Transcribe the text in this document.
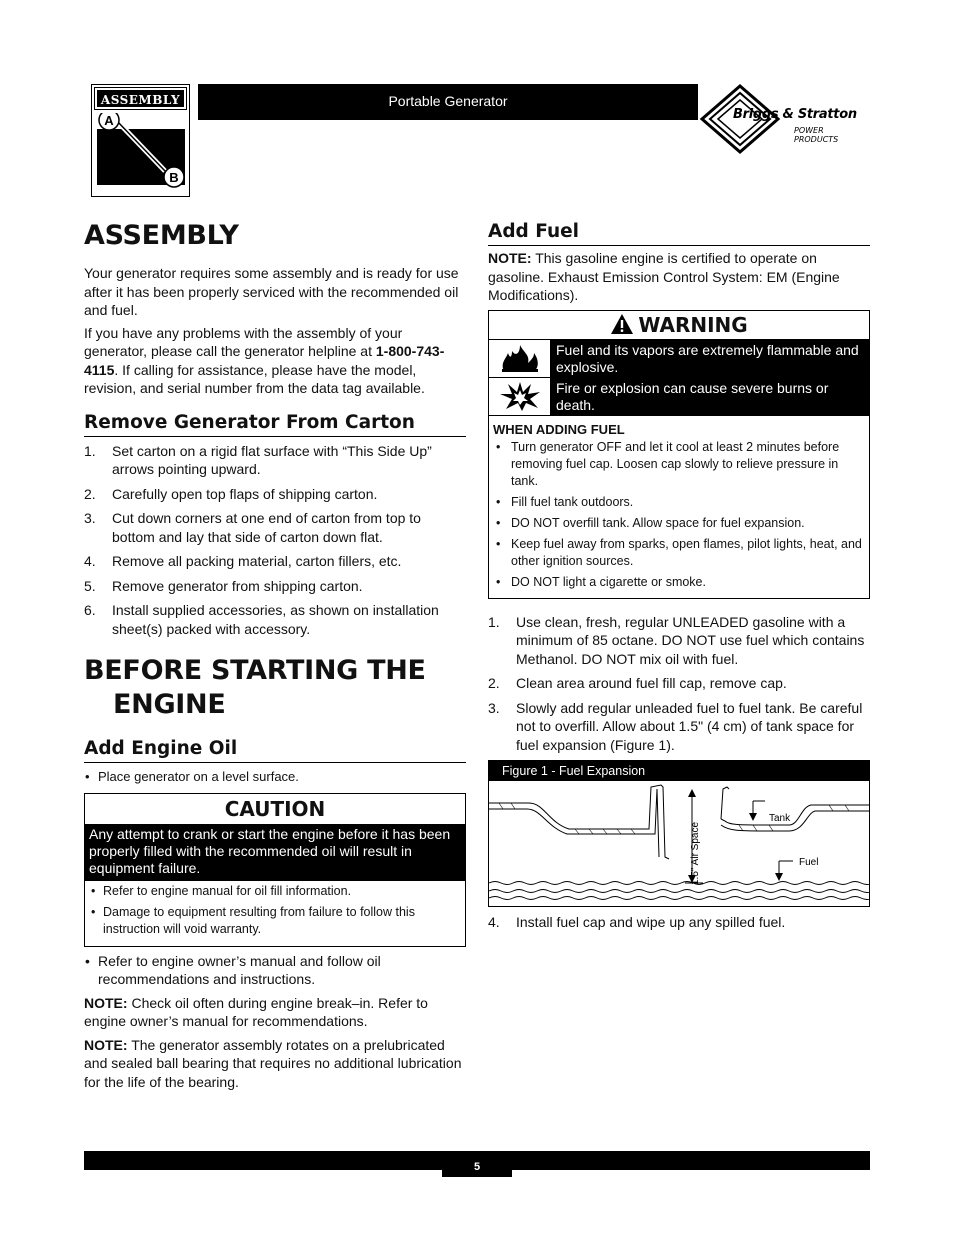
ASSEMBLY
A
B
Portable Generator
Briggs & Stratton
POWER PRODUCTS
ASSEMBLY

Your generator requires some assembly and is ready for use after it has been properly serviced with the recommended oil and fuel.

If you have any problems with the assembly of your generator, please call the generator helpline at 1-800-743-4115. If calling for assistance, please have the model, revision, and serial number from the data tag available.

Remove Generator From Carton
1. Set carton on a rigid flat surface with “This Side Up” arrows pointing upward.
2. Carefully open top flaps of shipping carton.
3. Cut down corners at one end of carton from top to bottom and lay that side of carton down flat.
4. Remove all packing material, carton fillers, etc.
5. Remove generator from shipping carton.
6. Install supplied accessories, as shown on installation sheet(s) packed with accessory.
BEFORE STARTING THE
ENGINE
Add Engine Oil
• Place generator on a level surface.
CAUTION
Any attempt to crank or start the engine before it has been properly filled with the recommended oil will result in equipment failure.
• Refer to engine manual for oil fill information.
• Damage to equipment resulting from failure to follow this instruction will void warranty.
• Refer to engine owner’s manual and follow oil recommendations and instructions.

NOTE: Check oil often during engine break–in. Refer to engine owner’s manual for recommendations.

NOTE: The generator assembly rotates on a prelubricated and sealed ball bearing that requires no additional lubrication for the life of the bearing.

Add Fuel

NOTE: This gasoline engine is certified to operate on gasoline. Exhaust Emission Control System: EM (Engine Modifications).

WARNING
Fuel and its vapors are extremely flammable and explosive.
Fire or explosion can cause severe burns or death.
WHEN ADDING FUEL
• Turn generator OFF and let it cool at least 2 minutes before removing fuel cap. Loosen cap slowly to relieve pressure in tank.
• Fill fuel tank outdoors.
• DO NOT overfill tank. Allow space for fuel expansion.
• Keep fuel away from sparks, open flames, pilot lights, heat, and other ignition sources.
• DO NOT light a cigarette or smoke.
1. Use clean, fresh, regular UNLEADED gasoline with a minimum of 85 octane. DO NOT use fuel which contains Methanol. DO NOT mix oil with fuel.
2. Clean area around fuel fill cap, remove cap.
3. Slowly add regular unleaded fuel to fuel tank. Be careful not to overfill. Allow about 1.5" (4 cm) of tank space for fuel expansion (Figure 1).
Figure 1 - Fuel Expansion
1.5" Air Space
Tank
Fuel
4. Install fuel cap and wipe up any spilled fuel.
5
